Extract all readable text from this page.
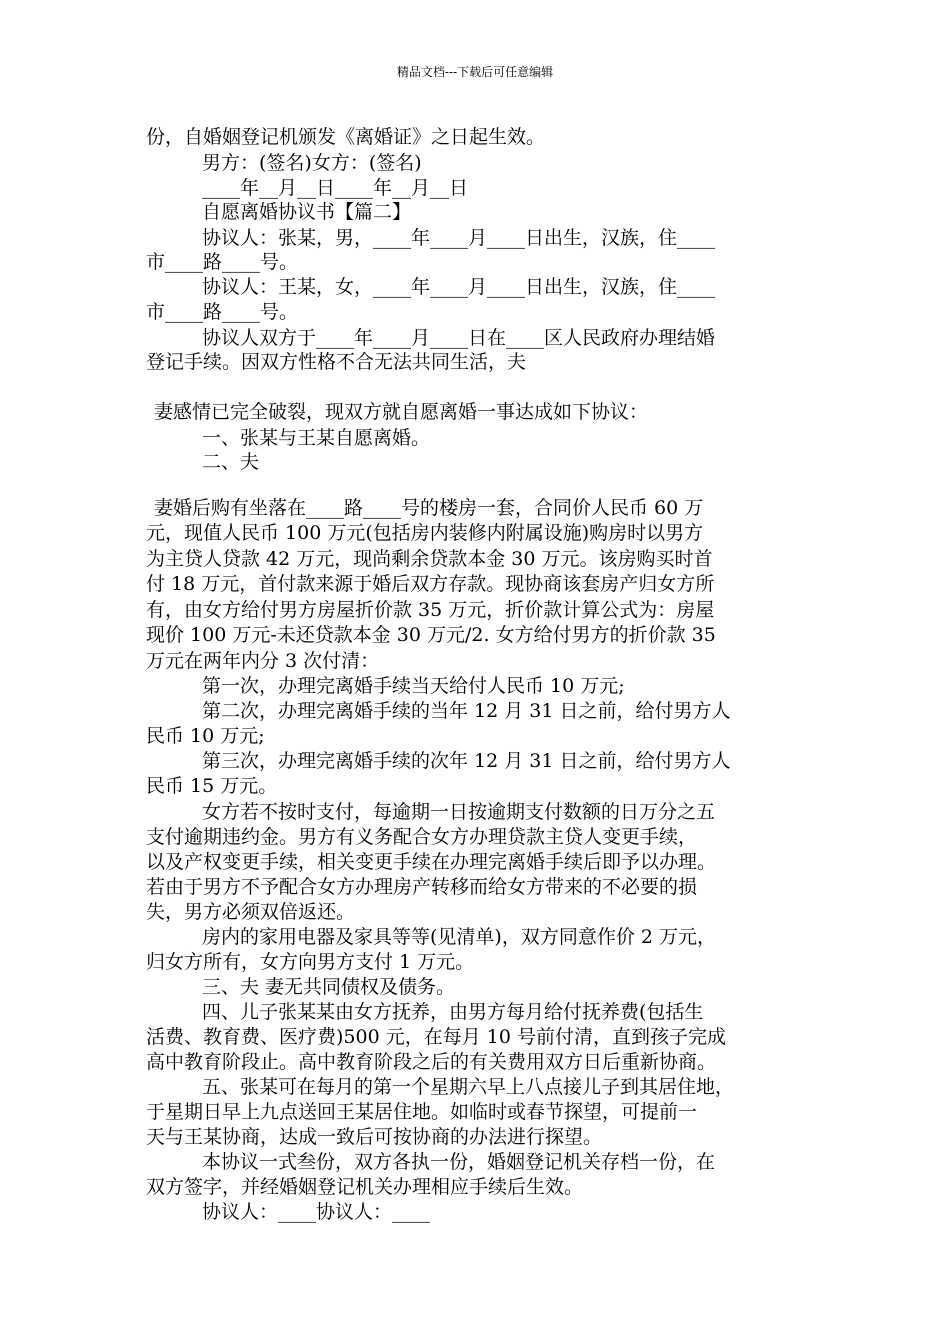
精品文档---下载后可任意编辑
份，自婚姻登记机颁发《离婚证》之日起生效。
男方：(签名)女方：(签名)
____年__月__日____年__月__日
自愿离婚协议书【篇二】
协议人：张某，男，____年____月____日出生，汉族，住____
市____路____号。
协议人：王某，女，____年____月____日出生，汉族，住____
市____路____号。
协议人双方于____年____月____日在____区人民政府办理结婚
登记手续。因双方性格不合无法共同生活，夫
妻感情已完全破裂，现双方就自愿离婚一事达成如下协议：
一、张某与王某自愿离婚。
二、夫
妻婚后购有坐落在____路____号的楼房一套，合同价人民币 60 万
元，现值人民币 100 万元(包括房内装修内附属设施)购房时以男方
为主贷人贷款 42 万元，现尚剩余贷款本金 30 万元。该房购买时首
付 18 万元，首付款来源于婚后双方存款。现协商该套房产归女方所
有，由女方给付男方房屋折价款 35 万元，折价款计算公式为：房屋
现价 100 万元-未还贷款本金 30 万元/2. 女方给付男方的折价款 35
万元在两年内分 3 次付清：
第一次，办理完离婚手续当天给付人民币 10 万元;
第二次，办理完离婚手续的当年 12 月 31 日之前，给付男方人
民币 10 万元;
第三次，办理完离婚手续的次年 12 月 31 日之前，给付男方人
民币 15 万元。
女方若不按时支付，每逾期一日按逾期支付数额的日万分之五
支付逾期违约金。男方有义务配合女方办理贷款主贷人变更手续，
以及产权变更手续，相关变更手续在办理完离婚手续后即予以办理。
若由于男方不予配合女方办理房产转移而给女方带来的不必要的损
失，男方必须双倍返还。
房内的家用电器及家具等等(见清单)，双方同意作价 2 万元，
归女方所有，女方向男方支付 1 万元。
三、夫 妻无共同债权及债务。
四、儿子张某某由女方抚养，由男方每月给付抚养费(包括生
活费、教育费、医疗费)500 元，在每月 10 号前付清，直到孩子完成
高中教育阶段止。高中教育阶段之后的有关费用双方日后重新协商。
五、张某可在每月的第一个星期六早上八点接儿子到其居住地，
于星期日早上九点送回王某居住地。如临时或春节探望，可提前一
天与王某协商，达成一致后可按协商的办法进行探望。
本协议一式叁份，双方各执一份，婚姻登记机关存档一份，在
双方签字，并经婚姻登记机关办理相应手续后生效。
协议人：____协议人：____
